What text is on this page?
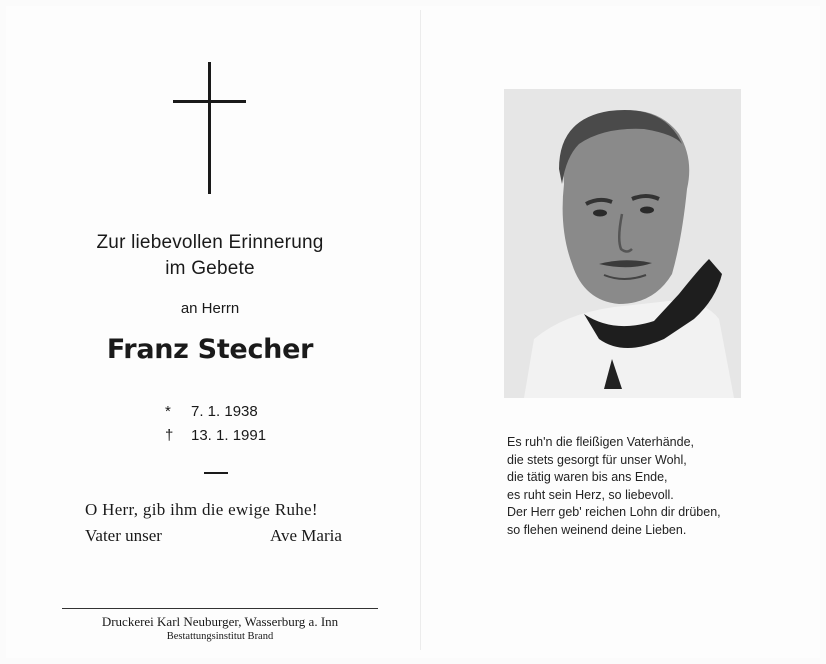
Zur liebevollen Erinnerung
im Gebete
an Herrn
Franz Stecher
* 7. 1. 1938
† 13. 1. 1991
O Herr, gib ihm die ewige Ruhe!
Vater unser	Ave Maria
Druckerei Karl Neuburger, Wasserburg a. Inn
Bestattungsinstitut Brand
Es ruh'n die fleißigen Vaterhände,
die stets gesorgt für unser Wohl,
die tätig waren bis ans Ende,
es ruht sein Herz, so liebevoll.
Der Herr geb' reichen Lohn dir drüben,
so flehen weinend deine Lieben.
